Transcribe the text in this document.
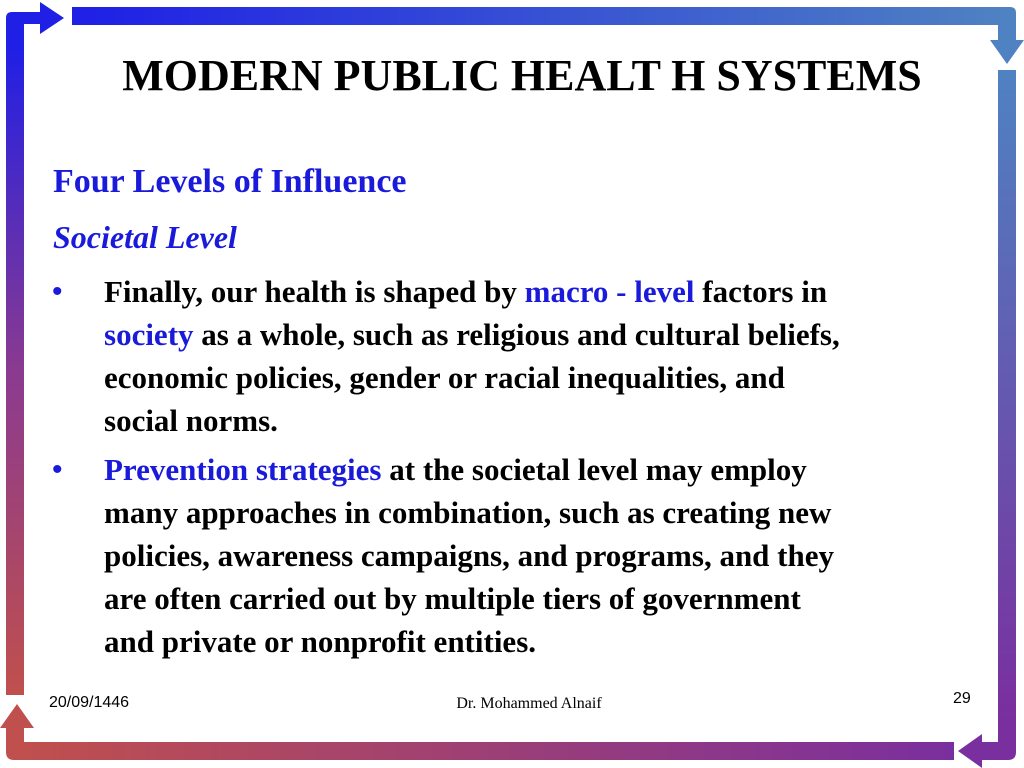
MODERN PUBLIC HEALT H SYSTEMS
Four Levels of Influence
Societal Level
• Finally, our health is shaped by macro - level factors in
society as a whole, such as religious and cultural beliefs,
economic policies, gender or racial inequalities, and
social norms.
• Prevention strategies at the societal level may employ
many approaches in combination, such as creating new
policies, awareness campaigns, and programs, and they
are often carried out by multiple tiers of government
and private or nonprofit entities.
20/09/1446	Dr. Mohammed Alnaif	29
